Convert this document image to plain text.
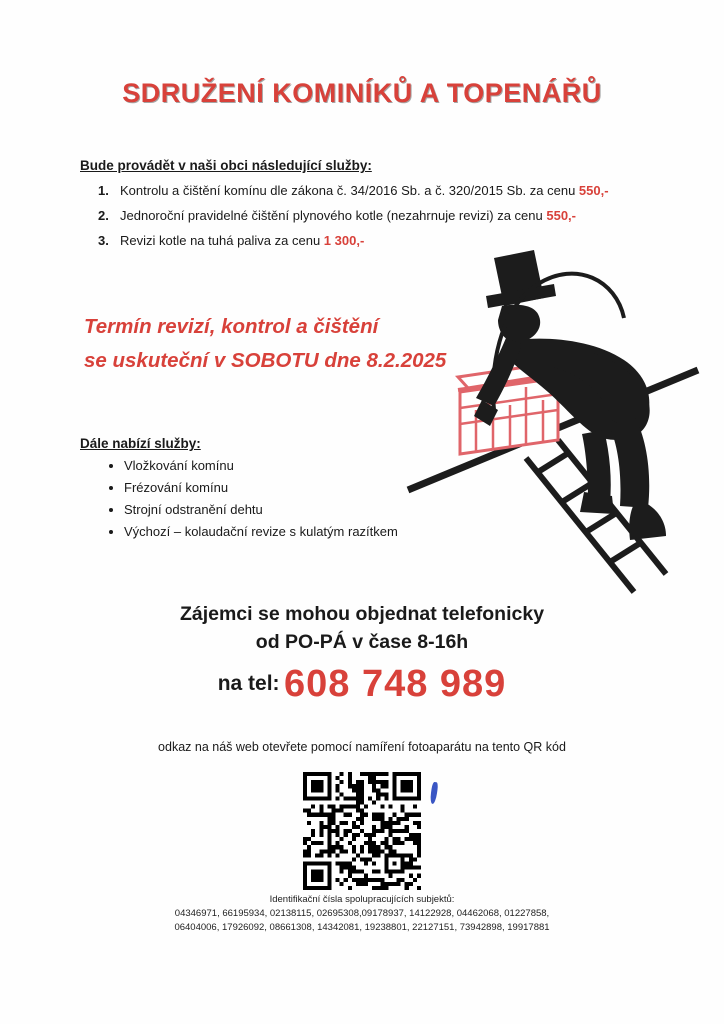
SDRUŽENÍ KOMINÍKŮ A TOPENÁŘŮ
Bude provádět v naši obci následující služby:
1. Kontrolu a čištění komínu dle zákona č. 34/2016 Sb. a č. 320/2015 Sb. za cenu 550,-
2. Jednoroční pravidelné čištění plynového kotle (nezahrnuje revizi) za cenu 550,-
3. Revizi kotle na tuhá paliva za cenu 1 300,-
Termín revizí, kontrol a čištění
se uskuteční v SOBOTU dne 8.2.2025
Dále nabízí služby:
• Vložkování komínu
• Frézování komínu
• Strojní odstranění dehtu
• Výchozí – kolaudační revize s kulatým razítkem
Zájemci se mohou objednat telefonicky
od PO-PÁ v čase 8-16h
na tel: 608 748 989
odkaz na náš web otevřete pomocí namíření fotoaparátu na tento QR kód
Identifikační čísla spolupracujících subjektů:
04346971, 66195934, 02138115, 02695308,09178937, 14122928, 04462068, 01227858,
06404006, 17926092, 08661308, 14342081, 19238801, 22127151, 73942898, 19917881
